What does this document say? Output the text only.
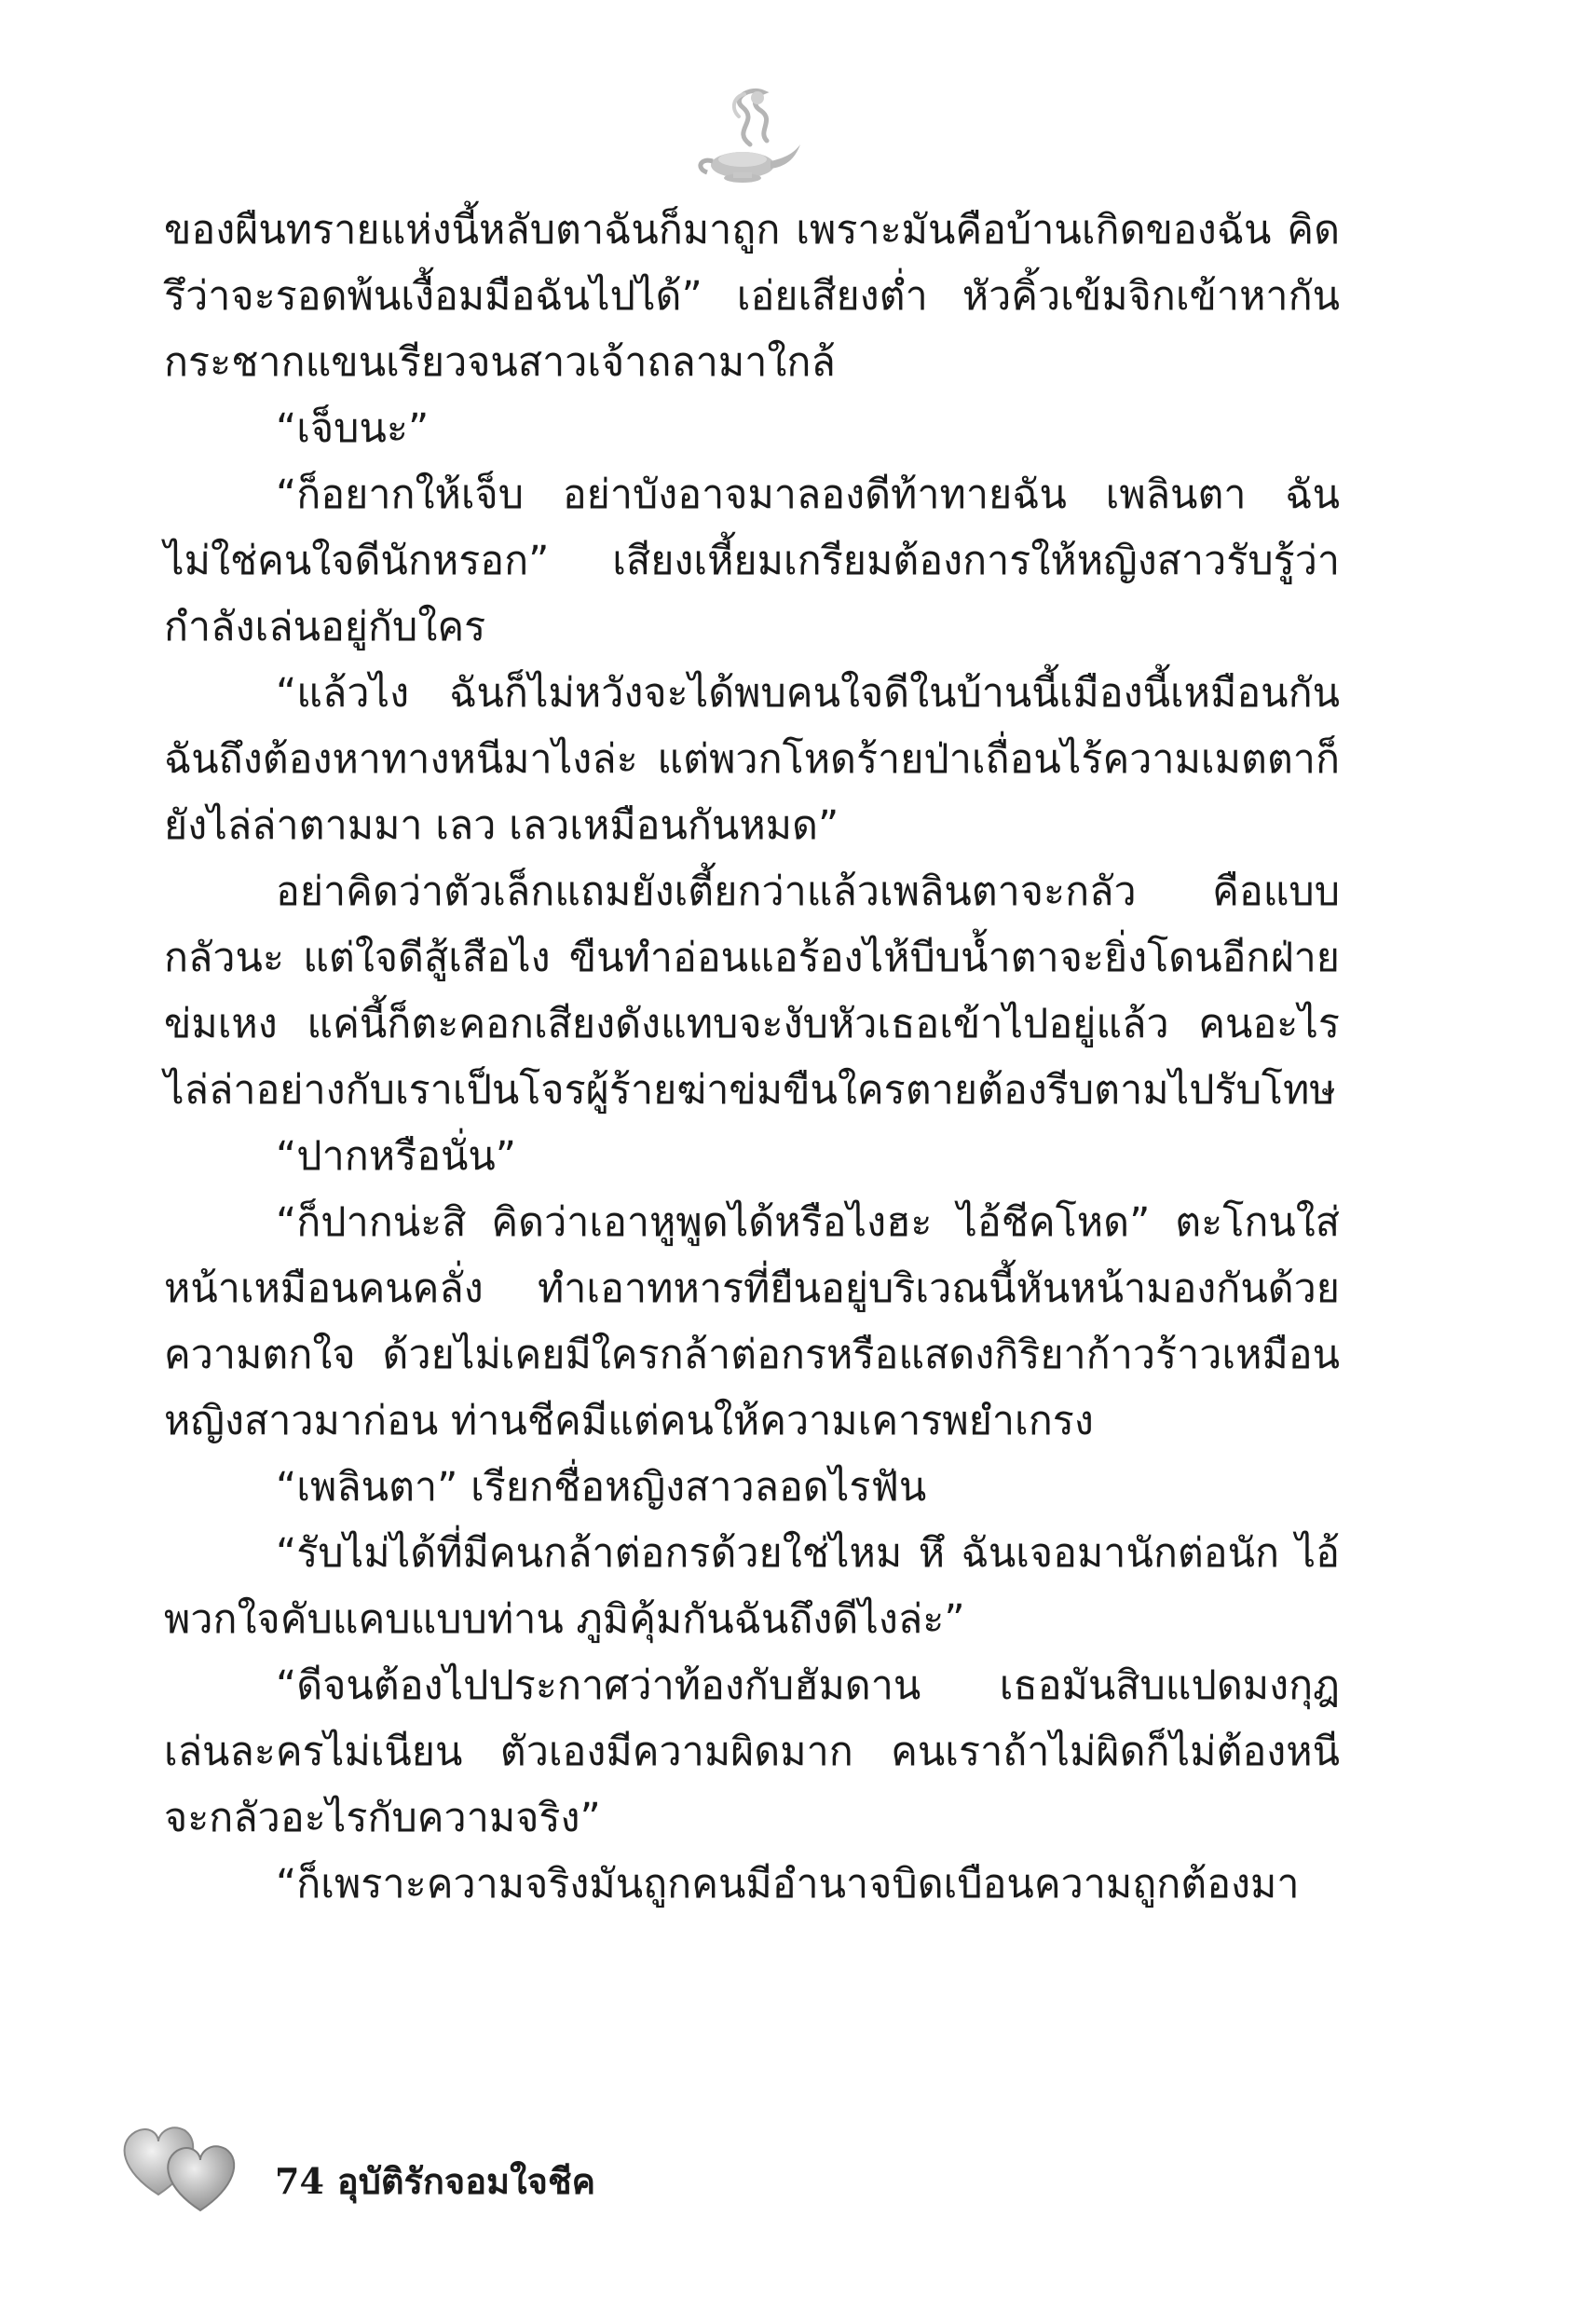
ของผืนทรายแห่งนี้หลับตาฉันก็มาถูก เพราะมันคือบ้านเกิดของฉัน คิดรึว่าจะรอดพ้นเงื้อมมือฉันไปได้” เอ่ยเสียงต่ำ หัวคิ้วเข้มจิกเข้าหากัน กระชากแขนเรียวจนสาวเจ้าถลามาใกล้

“เจ็บนะ”

“ก็อยากให้เจ็บ อย่าบังอาจมาลองดีท้าทายฉัน เพลินตา ฉันไม่ใช่คนใจดีนักหรอก” เสียงเหี้ยมเกรียมต้องการให้หญิงสาวรับรู้ว่ากำลังเล่นอยู่กับใคร

“แล้วไง ฉันก็ไม่หวังจะได้พบคนใจดีในบ้านนี้เมืองนี้เหมือนกัน ฉันถึงต้องหาทางหนีมาไงล่ะ แต่พวกโหดร้ายป่าเถื่อนไร้ความเมตตาก็ยังไล่ล่าตามมา เลว เลวเหมือนกันหมด”

อย่าคิดว่าตัวเล็กแถมยังเตี้ยกว่าแล้วเพลินตาจะกลัว คือแบบกลัวนะ แต่ใจดีสู้เสือไง ขืนทำอ่อนแอร้องไห้บีบน้ำตาจะยิ่งโดนอีกฝ่ายข่มเหง แค่นี้ก็ตะคอกเสียงดังแทบจะงับหัวเธอเข้าไปอยู่แล้ว คนอะไรไล่ล่าอย่างกับเราเป็นโจรผู้ร้ายฆ่าข่มขืนใครตายต้องรีบตามไปรับโทษ

“ปากหรือนั่น”

“ก็ปากน่ะสิ คิดว่าเอาหูพูดได้หรือไงฮะ ไอ้ชีคโหด” ตะโกนใส่หน้าเหมือนคนคลั่ง ทำเอาทหารที่ยืนอยู่บริเวณนี้หันหน้ามองกันด้วยความตกใจ ด้วยไม่เคยมีใครกล้าต่อกรหรือแสดงกิริยาก้าวร้าวเหมือนหญิงสาวมาก่อน ท่านชีคมีแต่คนให้ความเคารพยำเกรง

“เพลินตา” เรียกชื่อหญิงสาวลอดไรฟัน

“รับไม่ได้ที่มีคนกล้าต่อกรด้วยใช่ไหม หึ ฉันเจอมานักต่อนัก ไอ้พวกใจคับแคบแบบท่าน ภูมิคุ้มกันฉันถึงดีไงล่ะ”

“ดีจนต้องไปประกาศว่าท้องกับฮัมดาน เธอมันสิบแปดมงกุฎ เล่นละครไม่เนียน ตัวเองมีความผิดมาก คนเราถ้าไม่ผิดก็ไม่ต้องหนี จะกลัวอะไรกับความจริง”

“ก็เพราะความจริงมันถูกคนมีอำนาจบิดเบือนความถูกต้องมา

74 อุบัติรักจอมใจชีค
